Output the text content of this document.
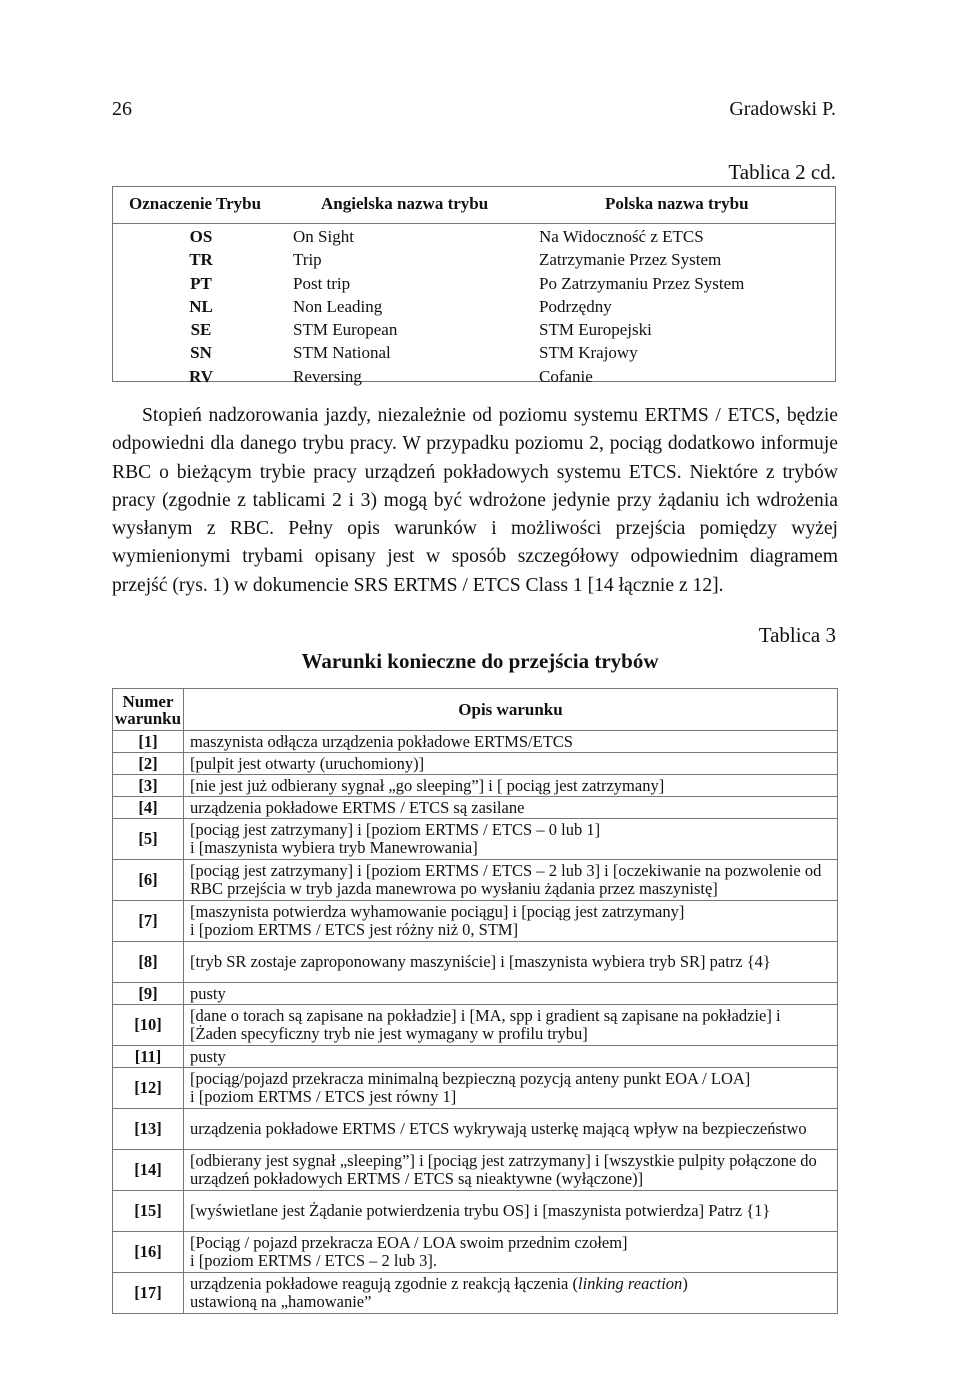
26	Gradowski P.
Tablica 2 cd.
Oznaczenie Trybu	Angielska nazwa trybu	Polska nazwa trybu
OS	On Sight	Na Widoczność z ETCS
TR	Trip	Zatrzymanie Przez System
PT	Post trip	Po Zatrzymaniu Przez System
NL	Non Leading	Podrzędny
SE	STM European	STM Europejski
SN	STM National	STM Krajowy
RV	Reversing	Cofanie
Stopień nadzorowania jazdy, niezależnie od poziomu systemu ERTMS / ETCS, będzie odpowiedni dla danego trybu pracy. W przypadku poziomu 2, pociąg dodatkowo informuje RBC o bieżącym trybie pracy urządzeń pokładowych systemu ETCS. Niektóre z trybów pracy (zgodnie z tablicami 2 i 3) mogą być wdrożone jedynie przy żądaniu ich wdrożenia wysłanym z RBC. Pełny opis warunków i możliwości przejścia pomiędzy wyżej wymienionymi trybami opisany jest w sposób szczegółowy odpowiednim diagramem przejść (rys. 1) w dokumencie SRS ERTMS / ETCS Class 1 [14 łącznie z 12].
Tablica 3
Warunki konieczne do przejścia trybów
Numer warunku	Opis warunku
[1]	maszynista odłącza urządzenia pokładowe ERTMS/ETCS
[2]	[pulpit jest otwarty (uruchomiony)]
[3]	[nie jest już odbierany sygnał „go sleeping”] i [ pociąg jest zatrzymany]
[4]	urządzenia pokładowe ERTMS / ETCS są zasilane
[5]	[pociąg jest zatrzymany] i [poziom ERTMS / ETCS – 0 lub 1]
i [maszynista wybiera tryb Manewrowania]
[6]	[pociąg jest zatrzymany] i [poziom ERTMS / ETCS – 2 lub 3] i [oczekiwanie na pozwolenie od RBC przejścia w tryb jazda manewrowa po wysłaniu żądania przez maszynistę]
[7]	[maszynista potwierdza wyhamowanie pociągu] i [pociąg jest zatrzymany]
i [poziom ERTMS / ETCS jest różny niż 0, STM]
[8]	[tryb SR zostaje zaproponowany maszyniście] i [maszynista wybiera tryb SR] patrz {4}
[9]	pusty
[10]	[dane o torach są zapisane na pokładzie] i [MA, spp i gradient są zapisane na pokładzie] i [Żaden specyficzny tryb nie jest wymagany w profilu trybu]
[11]	pusty
[12]	[pociąg/pojazd przekracza minimalną bezpieczną pozycją anteny punkt EOA / LOA]
i [poziom ERTMS / ETCS jest równy 1]
[13]	urządzenia pokładowe ERTMS / ETCS wykrywają usterkę mającą wpływ na bezpieczeństwo
[14]	[odbierany jest sygnał „sleeping”] i [pociąg jest zatrzymany] i [wszystkie pulpity połączone do urządzeń pokładowych ERTMS / ETCS są nieaktywne (wyłączone)]
[15]	[wyświetlane jest Żądanie potwierdzenia trybu OS] i [maszynista potwierdza] Patrz {1}
[16]	[Pociąg / pojazd przekracza EOA / LOA swoim przednim czołem]
i [poziom ERTMS / ETCS – 2 lub 3].
[17]	urządzenia pokładowe reagują zgodnie z reakcją łączenia (linking reaction)
ustawioną na „hamowanie”
